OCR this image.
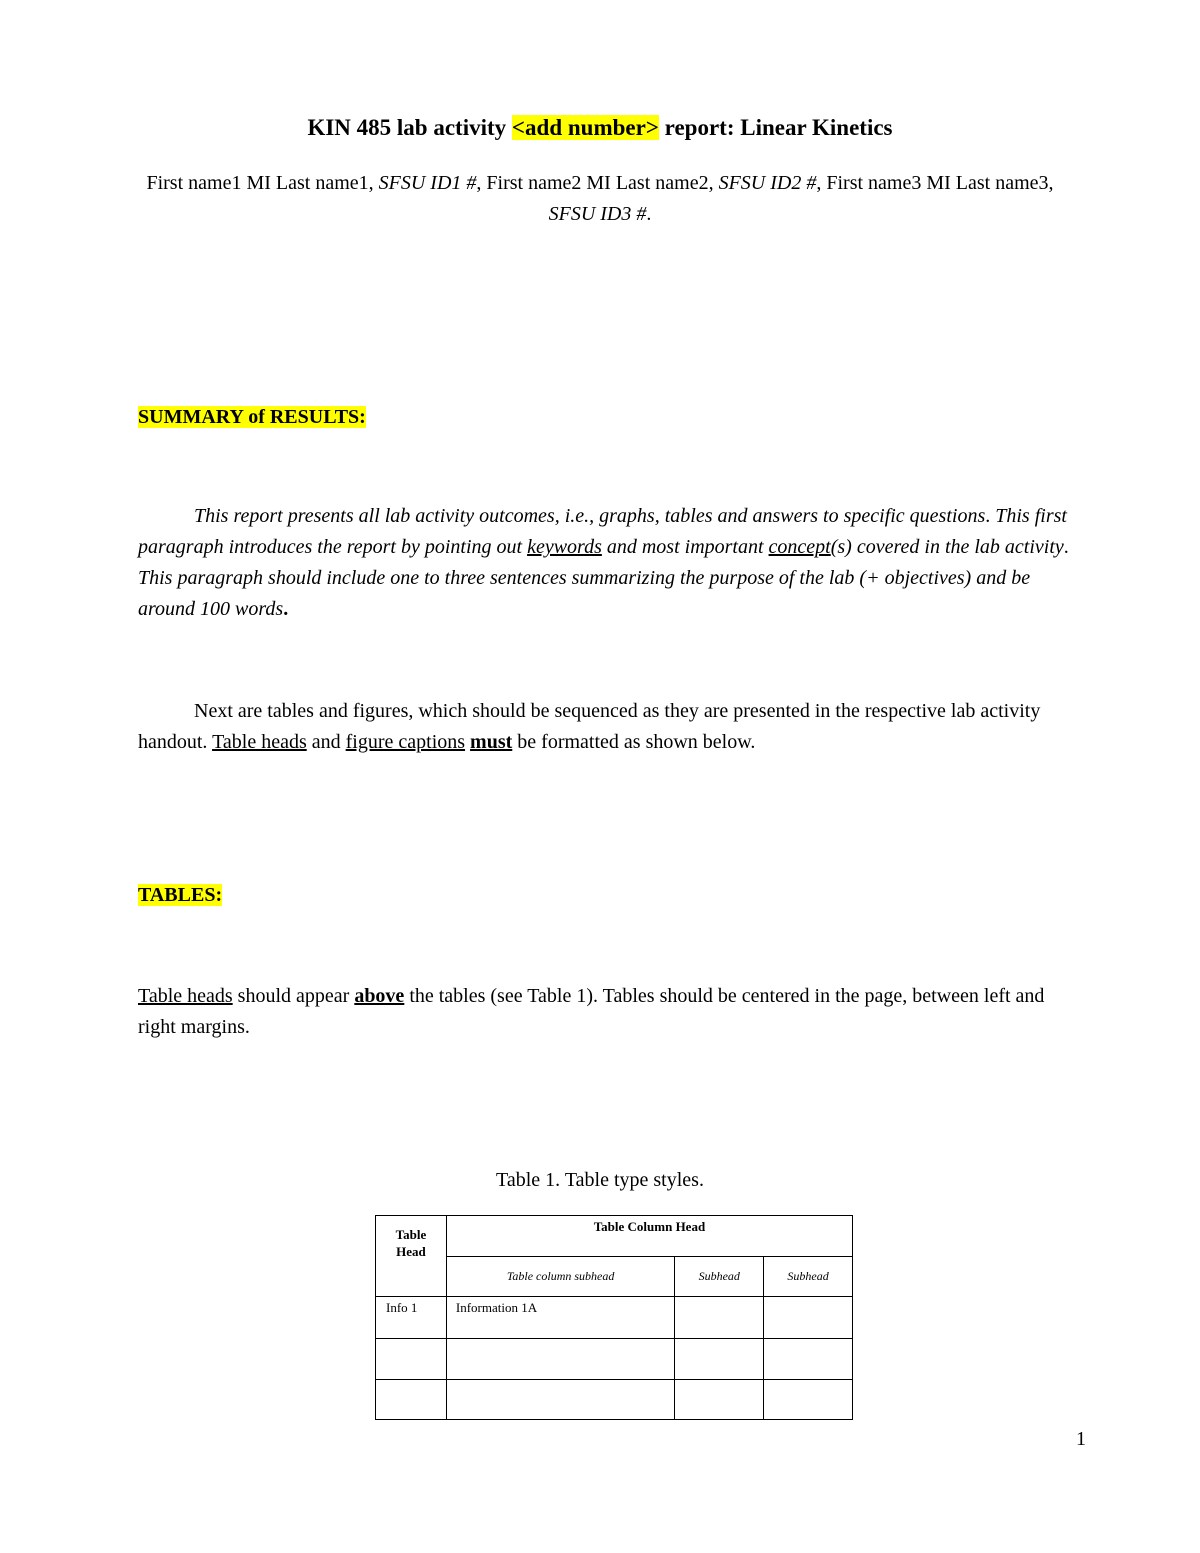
KIN 485 lab activity <add number> report: Linear Kinetics
First name1 MI Last name1, SFSU ID1 #, First name2 MI Last name2, SFSU ID2 #, First name3 MI Last name3, SFSU ID3 #.
SUMMARY of RESULTS:
This report presents all lab activity outcomes, i.e., graphs, tables and answers to specific questions. This first paragraph introduces the report by pointing out keywords and most important concept(s) covered in the lab activity. This paragraph should include one to three sentences summarizing the purpose of the lab (+ objectives) and be around 100 words.
Next are tables and figures, which should be sequenced as they are presented in the respective lab activity handout. Table heads and figure captions must be formatted as shown below.
TABLES:
Table heads should appear above the tables (see Table 1). Tables should be centered in the page, between left and right margins.
Table 1. Table type styles.
Table Head	Table Column Head		
	Table column subhead	Subhead	Subhead
Info 1	Information 1A		

1
